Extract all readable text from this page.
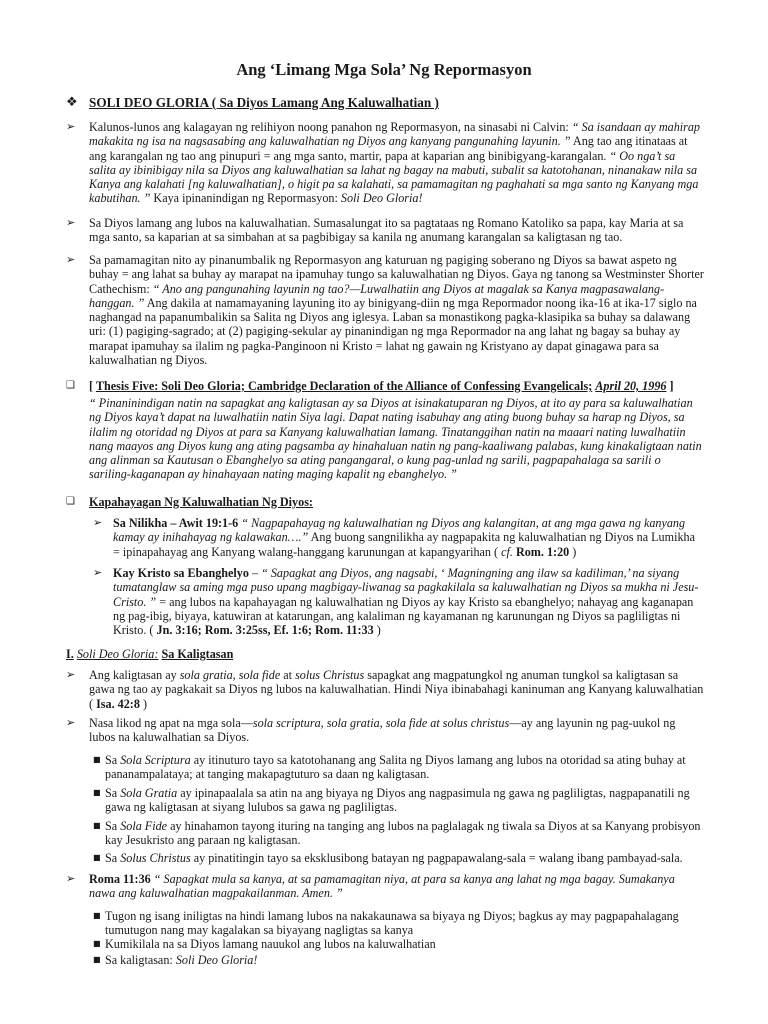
Ang ‘Limang Mga Sola’ Ng Repormasyon
❖ SOLI DEO GLORIA ( Sa Diyos Lamang Ang Kaluwalhatian )
➢ Kalunos-lunos ang kalagayan ng relihiyon noong panahon ng Repormasyon, na sinasabi ni Calvin: “ Sa isandaan ay mahirap makakita ng isa na nagsasabing ang kaluwalhatian ng Diyos ang kanyang pangunahing layunin. ” Ang tao ang itinataas at ang karangalan ng tao ang pinupuri = ang mga santo, martir, papa at kaparian ang binibigyang-karangalan. “ Oo nga’t sa salita ay ibinibigay nila sa Diyos ang kaluwalhatian sa lahat ng bagay na mabuti, subalit sa katotohanan, ninanakaw nila sa Kanya ang kalahati [ng kaluwalhatian], o higit pa sa kalahati, sa pamamagitan ng paghahati sa mga santo ng Kanyang mga kabutihan. ” Kaya ipinanindigan ng Repormasyon: Soli Deo Gloria!
➢ Sa Diyos lamang ang lubos na kaluwalhatian. Sumasalungat ito sa pagtataas ng Romano Katoliko sa papa, kay Maria at sa mga santo, sa kaparian at sa simbahan at sa pagbibigay sa kanila ng anumang karangalan sa kaligtasan ng tao.
➢ Sa pamamagitan nito ay pinanumbalik ng Repormasyon ang katuruan ng pagiging soberano ng Diyos sa bawat aspeto ng buhay = ang lahat sa buhay ay marapat na ipamuhay tungo sa kaluwalhatian ng Diyos. Gaya ng tanong sa Westminster Shorter Cathechism: “ Ano ang pangunahing layunin ng tao?—Luwalhatiin ang Diyos at magalak sa Kanya magpasawalang-hanggan. ” Ang dakila at namamayaning layuning ito ay binigyang-diin ng mga Repormador noong ika-16 at ika-17 siglo na naghangad na papanumbalikin sa Salita ng Diyos ang iglesya. Laban sa monastikong pagka-klasipika sa buhay sa dalawang uri: (1) pagiging-sagrado; at (2) pagiging-sekular ay pinanindigan ng mga Repormador na ang lahat ng bagay sa buhay ay marapat ipamuhay sa ilalim ng pagka-Panginoon ni Kristo = lahat ng gawain ng Kristyano ay dapat ginagawa para sa kaluwalhatian ng Diyos.
❑ [ Thesis Five: Soli Deo Gloria; Cambridge Declaration of the Alliance of Confessing Evangelicals; April 20, 1996 ]
“ Pinaninindigan natin na sapagkat ang kaligtasan ay sa Diyos at isinakatuparan ng Diyos, at ito ay para sa kaluwalhatian ng Diyos kaya’t dapat na luwalhatiin natin Siya lagi. Dapat nating isabuhay ang ating buong buhay sa harap ng Diyos, sa ilalim ng otoridad ng Diyos at para sa Kanyang kaluwalhatian lamang. Tinatanggihan natin na maaari nating luwalhatiin nang maayos ang Diyos kung ang ating pagsamba ay hinahaluan natin ng pang-kaaliwang palabas, kung kinakaligtaan natin ang alinman sa Kautusan o Ebanghelyo sa ating pangangaral, o kung pag-unlad ng sarili, pagpapahalaga sa sarili o sariling-kaganapan ay hinahayaan nating maging kapalit ng ebanghelyo. ”
❑ Kapahayagan Ng Kaluwalhatian Ng Diyos:
➢ Sa Nilikha – Awit 19:1-6 “ Nagpapahayag ng kaluwalhatian ng Diyos ang kalangitan, at ang mga gawa ng kanyang kamay ay inihahayag ng kalawakan….” Ang buong sangnilikha ay nagpapakita ng kaluwalhatian ng Diyos na Lumikha = ipinapahayag ang Kanyang walang-hanggang karunungan at kapangyarihan ( cf. Rom. 1:20 )
➢ Kay Kristo sa Ebanghelyo – “ Sapagkat ang Diyos, ang nagsabi, ‘ Magningning ang ilaw sa kadiliman,’ na siyang tumatanglaw sa aming mga puso upang magbigay-liwanag sa pagkakilala sa kaluwalhatian ng Diyos sa mukha ni Jesu-Cristo. ” = ang lubos na kapahayagan ng kaluwalhatian ng Diyos ay kay Kristo sa ebanghelyo; nahayag ang kaganapan ng pag-ibig, biyaya, katuwiran at katarungan, ang kalaliman ng kayamanan ng karunungan ng Diyos sa pagliligtas ni Kristo. ( Jn. 3:16; Rom. 3:25ss, Ef. 1:6; Rom. 11:33 )
I. Soli Deo Gloria: Sa Kaligtasan
➢ Ang kaligtasan ay sola gratia, sola fide at solus Christus sapagkat ang magpatungkol ng anuman tungkol sa kaligtasan sa gawa ng tao ay pagkakait sa Diyos ng lubos na kaluwalhatian. Hindi Niya ibinabahagi kaninuman ang Kanyang kaluwalhatian ( Isa. 42:8 )
➢ Nasa likod ng apat na mga sola—sola scriptura, sola gratia, sola fide at solus christus—ay ang layunin ng pag-uukol ng lubos na kaluwalhatian sa Diyos.
■ Sa Sola Scriptura ay itinuturo tayo sa katotohanang ang Salita ng Diyos lamang ang lubos na otoridad sa ating buhay at pananampalataya; at tanging makapagtuturo sa daan ng kaligtasan.
■ Sa Sola Gratia ay ipinapaalala sa atin na ang biyaya ng Diyos ang nagpasimula ng gawa ng pagliligtas, nagpapanatili ng gawa ng kaligtasan at siyang lulubos sa gawa ng pagliligtas.
■ Sa Sola Fide ay hinahamon tayong ituring na tanging ang lubos na paglalagak ng tiwala sa Diyos at sa Kanyang probisyon kay Jesukristo ang paraan ng kaligtasan.
■ Sa Solus Christus ay pinatitingin tayo sa eksklusibong batayan ng pagpapawalang-sala = walang ibang pambayad-sala.
➢ Roma 11:36 “ Sapagkat mula sa kanya, at sa pamamagitan niya, at para sa kanya ang lahat ng mga bagay. Sumakanya nawa ang kaluwalhatian magpakailanman. Amen. ”
■ Tugon ng isang iniligtas na hindi lamang lubos na nakakaunawa sa biyaya ng Diyos; bagkus ay may pagpapahalagang tumutugon nang may kagalakan sa biyayang nagligtas sa kanya
■ Kumikilala na sa Diyos lamang nauukol ang lubos na kaluwalhatian
■ Sa kaligtasan: Soli Deo Gloria!
